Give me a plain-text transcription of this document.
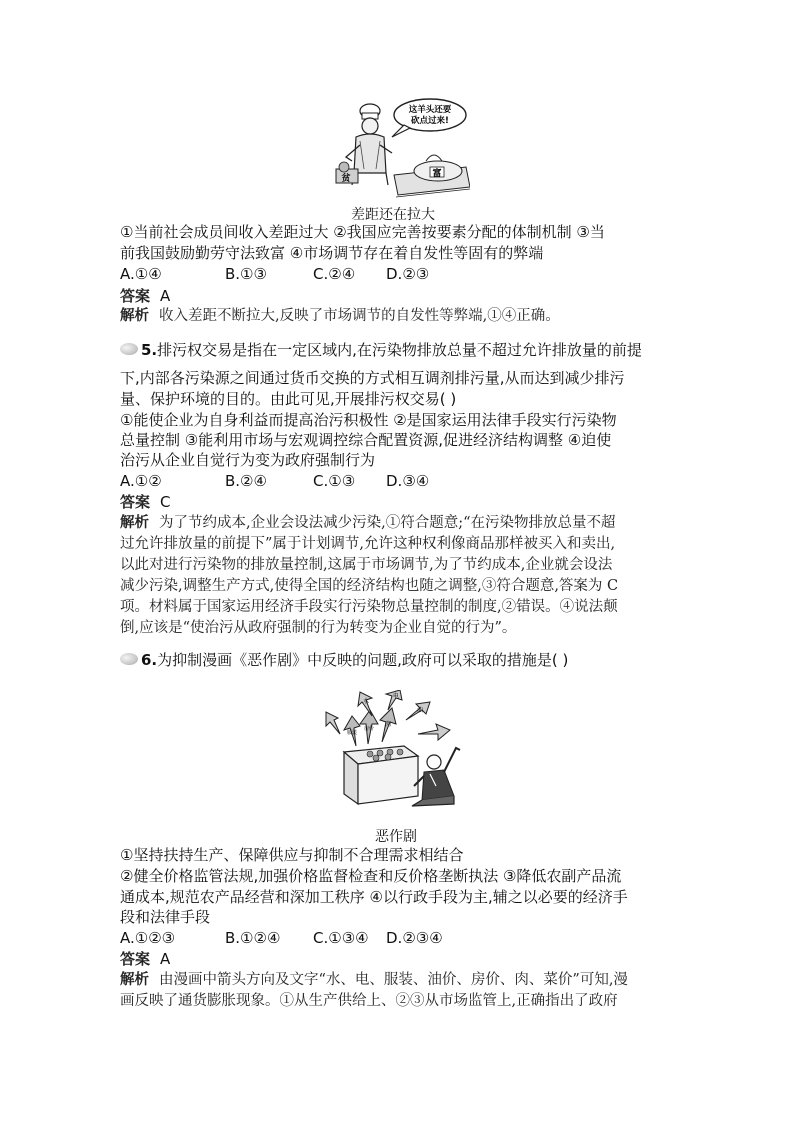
这羊头还要
砍点过来!
贫	富
差距还在拉大
①当前社会成员间收入差距过大 ②我国应完善按要素分配的体制机制 ③当
前我国鼓励勤劳守法致富 ④市场调节存在着自发性等固有的弊端
A.①④	B.①③	C.②④ D.②③
答案 A
解析 收入差距不断拉大,反映了市场调节的自发性等弊端,①④正确。
5.排污权交易是指在一定区域内,在污染物排放总量不超过允许排放量的前提
下,内部各污染源之间通过货币交换的方式相互调剂排污量,从而达到减少排污
量、保护环境的目的。由此可见,开展排污权交易( )
①能使企业为自身利益而提高治污积极性 ②是国家运用法律手段实行污染物
总量控制 ③能利用市场与宏观调控综合配置资源,促进经济结构调整 ④迫使
治污从企业自觉行为变为政府强制行为
A.①②	B.②④	C.①③ D.③④
答案 C
解析 为了节约成本,企业会设法减少污染,①符合题意;“在污染物排放总量不超
过允许排放量的前提下”属于计划调节,允许这种权利像商品那样被买入和卖出,
以此对进行污染物的排放量控制,这属于市场调节,为了节约成本,企业就会设法
减少污染,调整生产方式,使得全国的经济结构也随之调整,③符合题意,答案为 C
项。材料属于国家运用经济手段实行污染物总量控制的制度,②错误。④说法颠
倒,应该是“使治污从政府强制的行为转变为企业自觉的行为”。
6.为抑制漫画《恶作剧》中反映的问题,政府可以采取的措施是( )
服装
房价
肉
水
电
油
恶作剧
①坚持扶持生产、保障供应与抑制不合理需求相结合
②健全价格监管法规,加强价格监督检查和反价格垄断执法 ③降低农副产品流
通成本,规范农产品经营和深加工秩序 ④以行政手段为主,辅之以必要的经济手
段和法律手段
A.①②③	B.①②④ C.①③④ D.②③④
答案 A
解析 由漫画中箭头方向及文字“水、电、服装、油价、房价、肉、菜价”可知,漫
画反映了通货膨胀现象。①从生产供给上、②③从市场监管上,正确指出了政府
